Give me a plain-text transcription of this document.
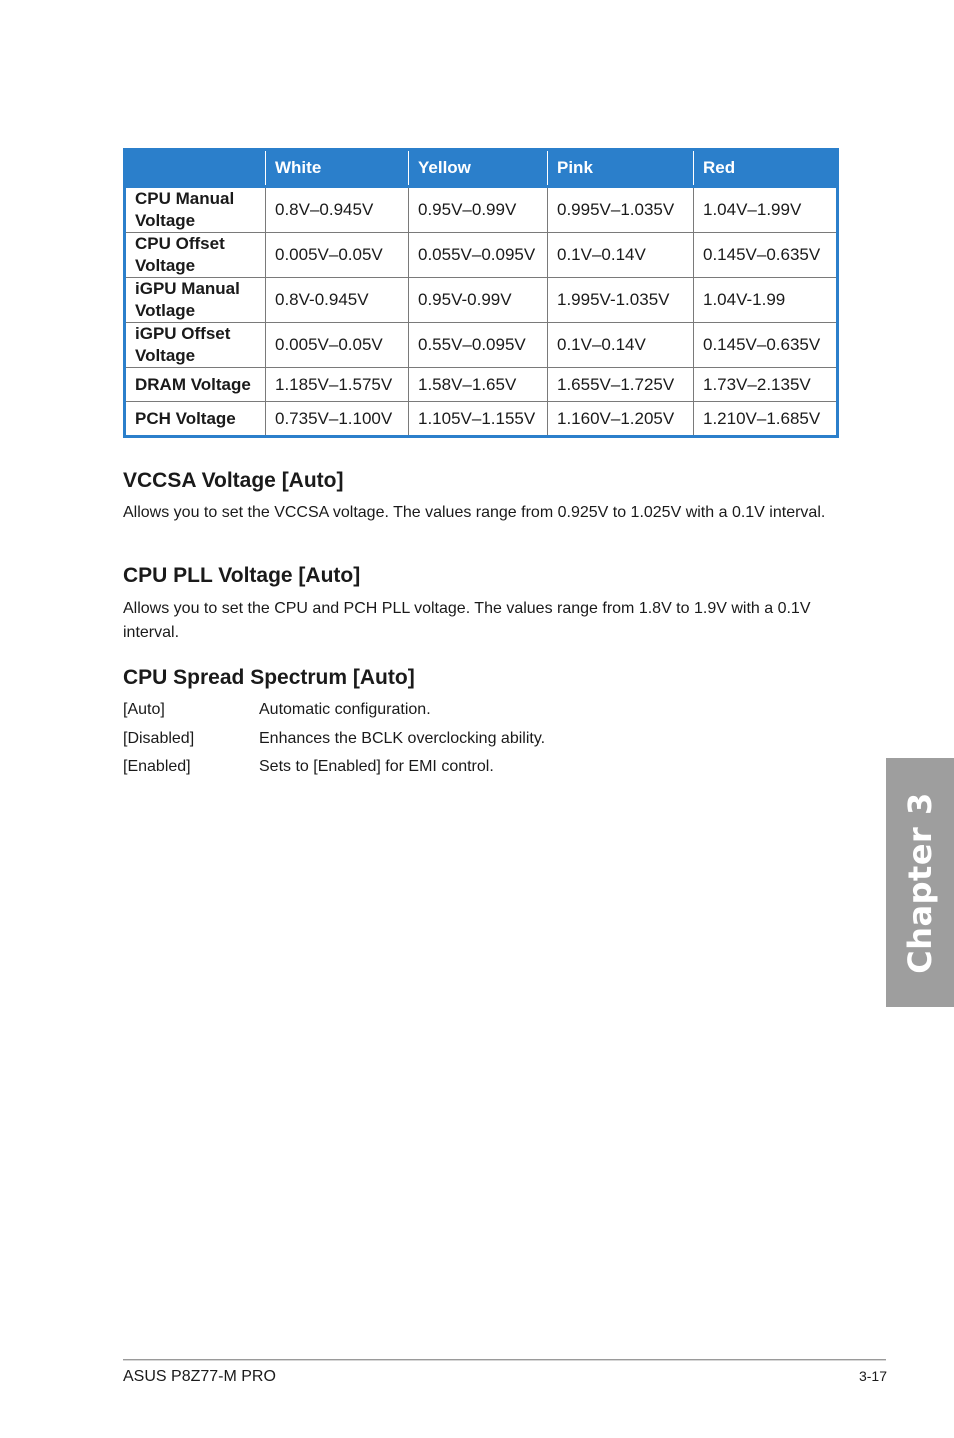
	White	Yellow	Pink	Red
CPU Manual
Voltage	0.8V–0.945V	0.95V–0.99V	0.995V–1.035V	1.04V–1.99V
CPU Offset
Voltage	0.005V–0.05V	0.055V–0.095V	0.1V–0.14V	0.145V–0.635V
iGPU Manual
Votlage	0.8V-0.945V	0.95V-0.99V	1.995V-1.035V	1.04V-1.99
iGPU Offset
Voltage	0.005V–0.05V	0.55V–0.095V	0.1V–0.14V	0.145V–0.635V
DRAM Voltage	1.185V–1.575V	1.58V–1.65V	1.655V–1.725V	1.73V–2.135V
PCH Voltage	0.735V–1.100V	1.105V–1.155V	1.160V–1.205V	1.210V–1.685V
VCCSA Voltage [Auto]

Allows you to set the VCCSA voltage. The values range from 0.925V to 1.025V with a 0.1V interval.

CPU PLL Voltage [Auto]

Allows you to set the CPU and PCH PLL voltage. The values range from 1.8V to 1.9V with a 0.1V interval.

CPU Spread Spectrum [Auto]
[Auto]	Automatic configuration.
[Disabled]	Enhances the BCLK overclocking ability.
[Enabled]	Sets to [Enabled] for EMI control.
Chapter 3
ASUS P8Z77-M PRO	3-17
